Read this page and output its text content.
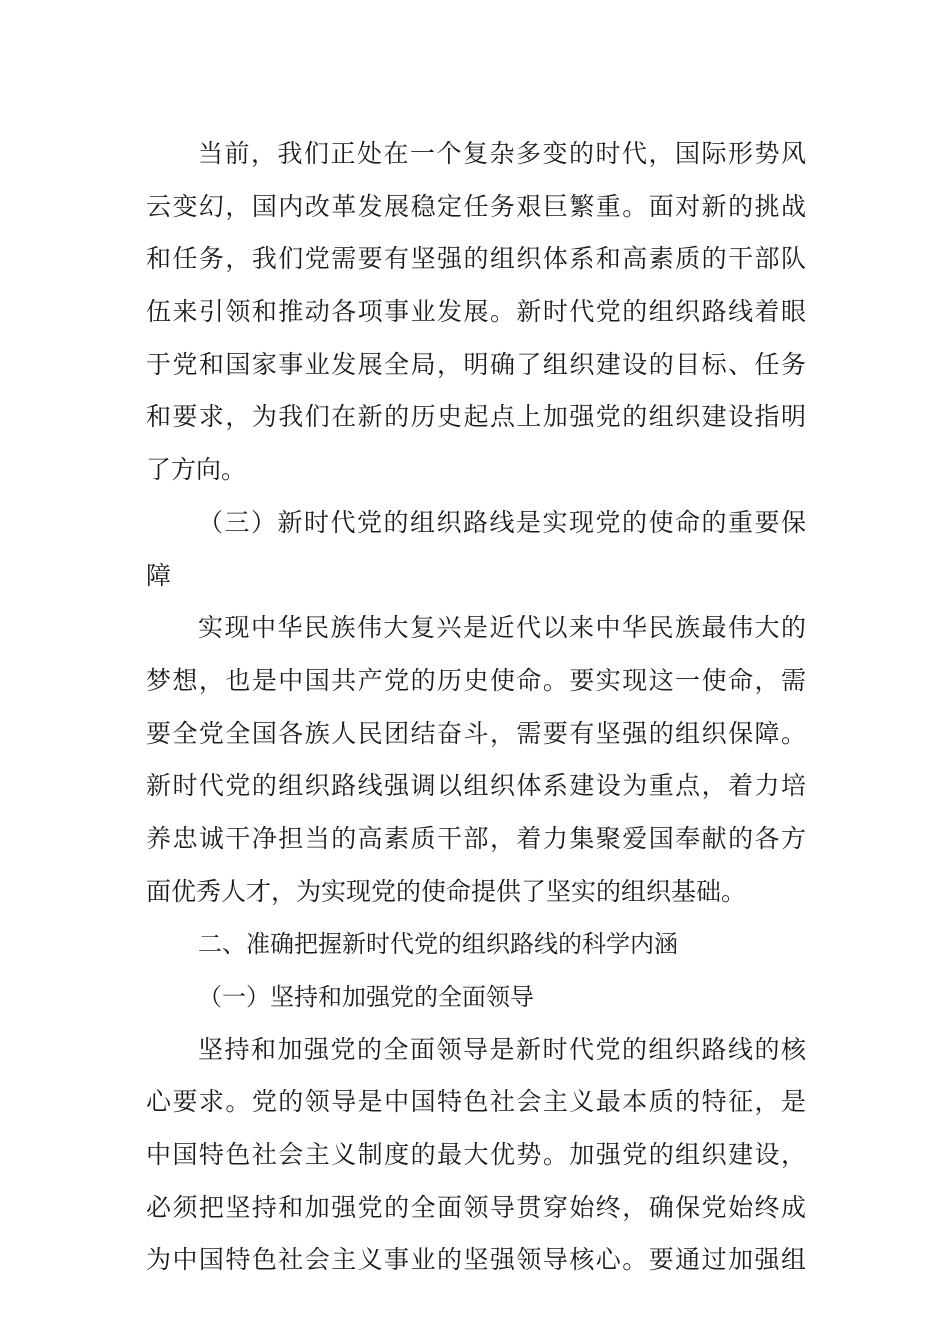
当前，我们正处在一个复杂多变的时代，国际形势风
云变幻，国内改革发展稳定任务艰巨繁重。面对新的挑战
和任务，我们党需要有坚强的组织体系和高素质的干部队
伍来引领和推动各项事业发展。新时代党的组织路线着眼
于党和国家事业发展全局，明确了组织建设的目标、任务
和要求，为我们在新的历史起点上加强党的组织建设指明
了方向。
（三）新时代党的组织路线是实现党的使命的重要保
障
实现中华民族伟大复兴是近代以来中华民族最伟大的
梦想，也是中国共产党的历史使命。要实现这一使命，需
要全党全国各族人民团结奋斗，需要有坚强的组织保障。
新时代党的组织路线强调以组织体系建设为重点，着力培
养忠诚干净担当的高素质干部，着力集聚爱国奉献的各方
面优秀人才，为实现党的使命提供了坚实的组织基础。
二、准确把握新时代党的组织路线的科学内涵
（一）坚持和加强党的全面领导
坚持和加强党的全面领导是新时代党的组织路线的核
心要求。党的领导是中国特色社会主义最本质的特征，是
中国特色社会主义制度的最大优势。加强党的组织建设，
必须把坚持和加强党的全面领导贯穿始终，确保党始终成
为中国特色社会主义事业的坚强领导核心。要通过加强组
